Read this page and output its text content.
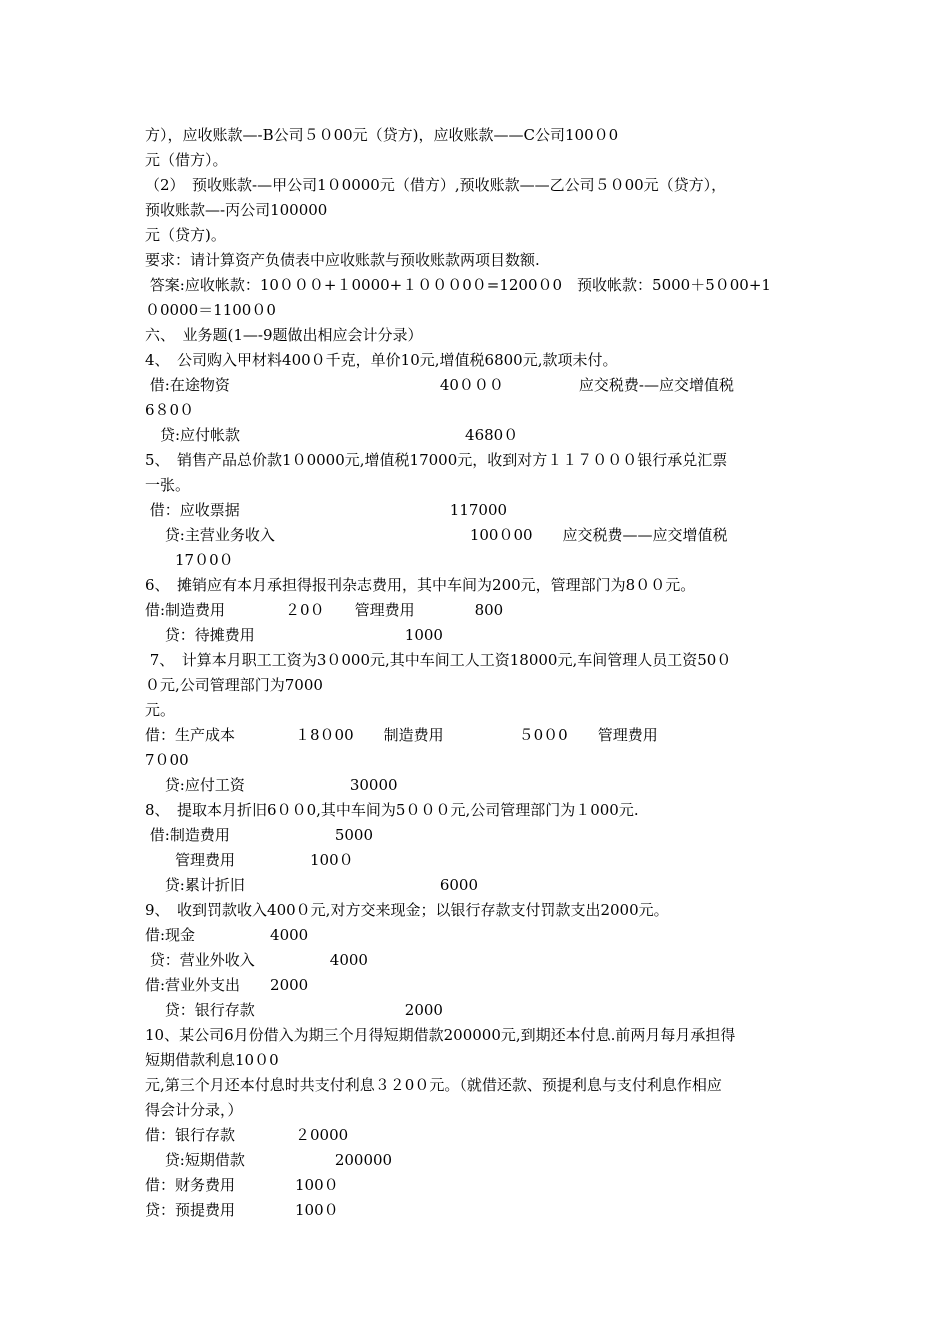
方），应收账款—-B公司５０00元（贷方)，应收账款——C公司100０0
元（借方）。
（2）　预收账款-—甲公司1０0000元（借方）,预收账款——乙公司５０00元（贷方），
预收账款—-丙公司100000
元（贷方)。
要求：请计算资产负债表中应收账款与预收账款两项目数额.
答案:应收帐款：10０００+１0000+１０００0０=1200０0　预收帐款：5000＋5０00+1
０0000＝1100０0
六、　业务题(1—-9题做出相应会计分录）
4、　公司购入甲材料400０千克，单价10元,增值税6800元,款项未付。
借:在途物资　　　　　　　　　　　　　　40０００　　　　　应交税费-—应交增值税
6８0０
　贷:应付帐款　　　　　　　　　　　　　　　4680０
5、　销售产品总价款1０0000元,增值税17000元，收到对方１１７０００银行承兑汇票
一张。
借：应收票据　　　　　　　　　　　　　　117000
　 贷:主营业务收入　　　　　　　　　　　　　100０00　　应交税费——应交增值税
　　17０0０
6、　摊销应有本月承担得报刊杂志费用，其中车间为200元，管理部门为8００元。
借:制造费用　　　　２0０　　管理费用　　　　800
　 贷：待摊费用　　　　　　　　　　1000
7、　计算本月职工工资为3０000元,其中车间工人工资18000元,车间管理人员工资50０
０元,公司管理部门为7000
元。
借：生产成本　　　　１8０00　　制造费用　　　　　５0０0　　管理费用
7０00
　 贷:应付工资　　　　　　　30000
8、　提取本月折旧6００0,其中车间为5０００元,公司管理部门为１000元.
借:制造费用　　　　　　　5000
　　管理费用　　　　　100０
　 贷:累计折旧　　　　　　　　　　　　　6000
9、　收到罚款收入400０元,对方交来现金；以银行存款支付罚款支出2000元。
借:现金　　　　　4000
贷：营业外收入　　　　　4000
借:营业外支出　　2000
　 贷：银行存款　　　　　　　　　　2000
10、某公司6月份借入为期三个月得短期借款200000元,到期还本付息.前两月每月承担得
短期借款利息10０0
元,第三个月还本付息时共支付利息３２0０元。（就借还款、预提利息与支付利息作相应
得会计分录，）
借：银行存款　　　　２0000
　 贷:短期借款　　　　　　200000
借：财务费用　　　　100０
贷：预提费用　　　　100０
